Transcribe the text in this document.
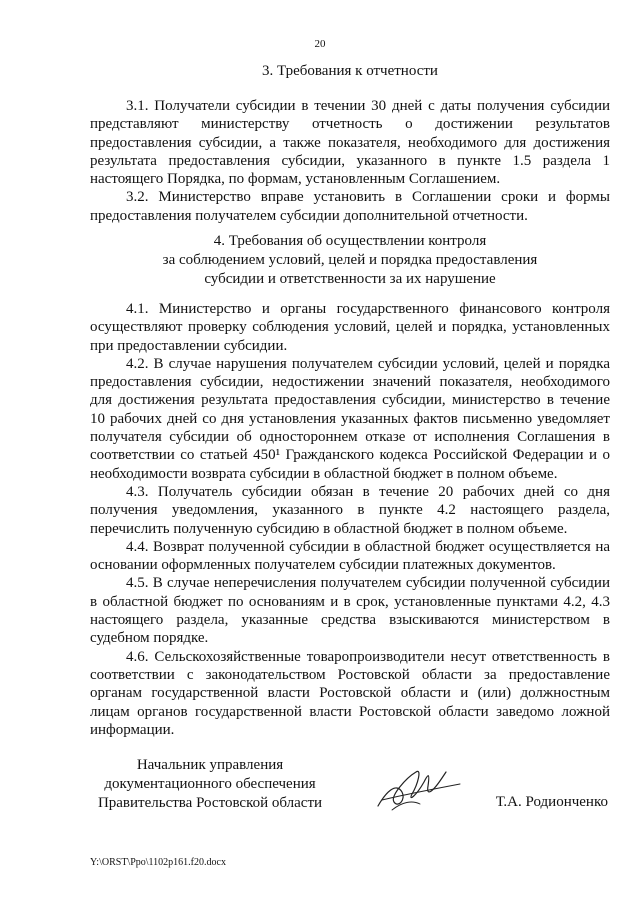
20
3. Требования к отчетности

3.1. Получатели субсидии в течении 30 дней с даты получения субсидии представляют министерству отчетность о достижении результатов предоставления субсидии, а также показателя, необходимого для достижения результата предоставления субсидии, указанного в пункте 1.5 раздела 1 настоящего Порядка, по формам, установленным Соглашением.

3.2. Министерство вправе установить в Соглашении сроки и формы предоставления получателем субсидии дополнительной отчетности.

4. Требования об осуществлении контроля
за соблюдением условий, целей и порядка предоставления
субсидии и ответственности за их нарушение

4.1. Министерство и органы государственного финансового контроля осуществляют проверку соблюдения условий, целей и порядка, установленных при предоставлении субсидии.

4.2. В случае нарушения получателем субсидии условий, целей и порядка предоставления субсидии, недостижении значений показателя, необходимого для достижения результата предоставления субсидии, министерство в течение 10 рабочих дней со дня установления указанных фактов письменно уведомляет получателя субсидии об одностороннем отказе от исполнения Соглашения в соответствии со статьей 450¹ Гражданского кодекса Российской Федерации и о необходимости возврата субсидии в областной бюджет в полном объеме.

4.3. Получатель субсидии обязан в течение 20 рабочих дней со дня получения уведомления, указанного в пункте 4.2 настоящего раздела, перечислить полученную субсидию в областной бюджет в полном объеме.

4.4. Возврат полученной субсидии в областной бюджет осуществляется на основании оформленных получателем субсидии платежных документов.

4.5. В случае неперечисления получателем субсидии полученной субсидии в областной бюджет по основаниям и в срок, установленные пунктами 4.2, 4.3 настоящего раздела, указанные средства взыскиваются министерством в судебном порядке.

4.6. Сельскохозяйственные товаропроизводители несут ответственность в соответствии с законодательством Ростовской области за предоставление органам государственной власти Ростовской области и (или) должностным лицам органов государственной власти Ростовской области заведомо ложной информации.

Начальник управления
документационного обеспечения
Правительства Ростовской области	Т.А. Родионченко
Y:\ORST\Ppo\1102p161.f20.docx
